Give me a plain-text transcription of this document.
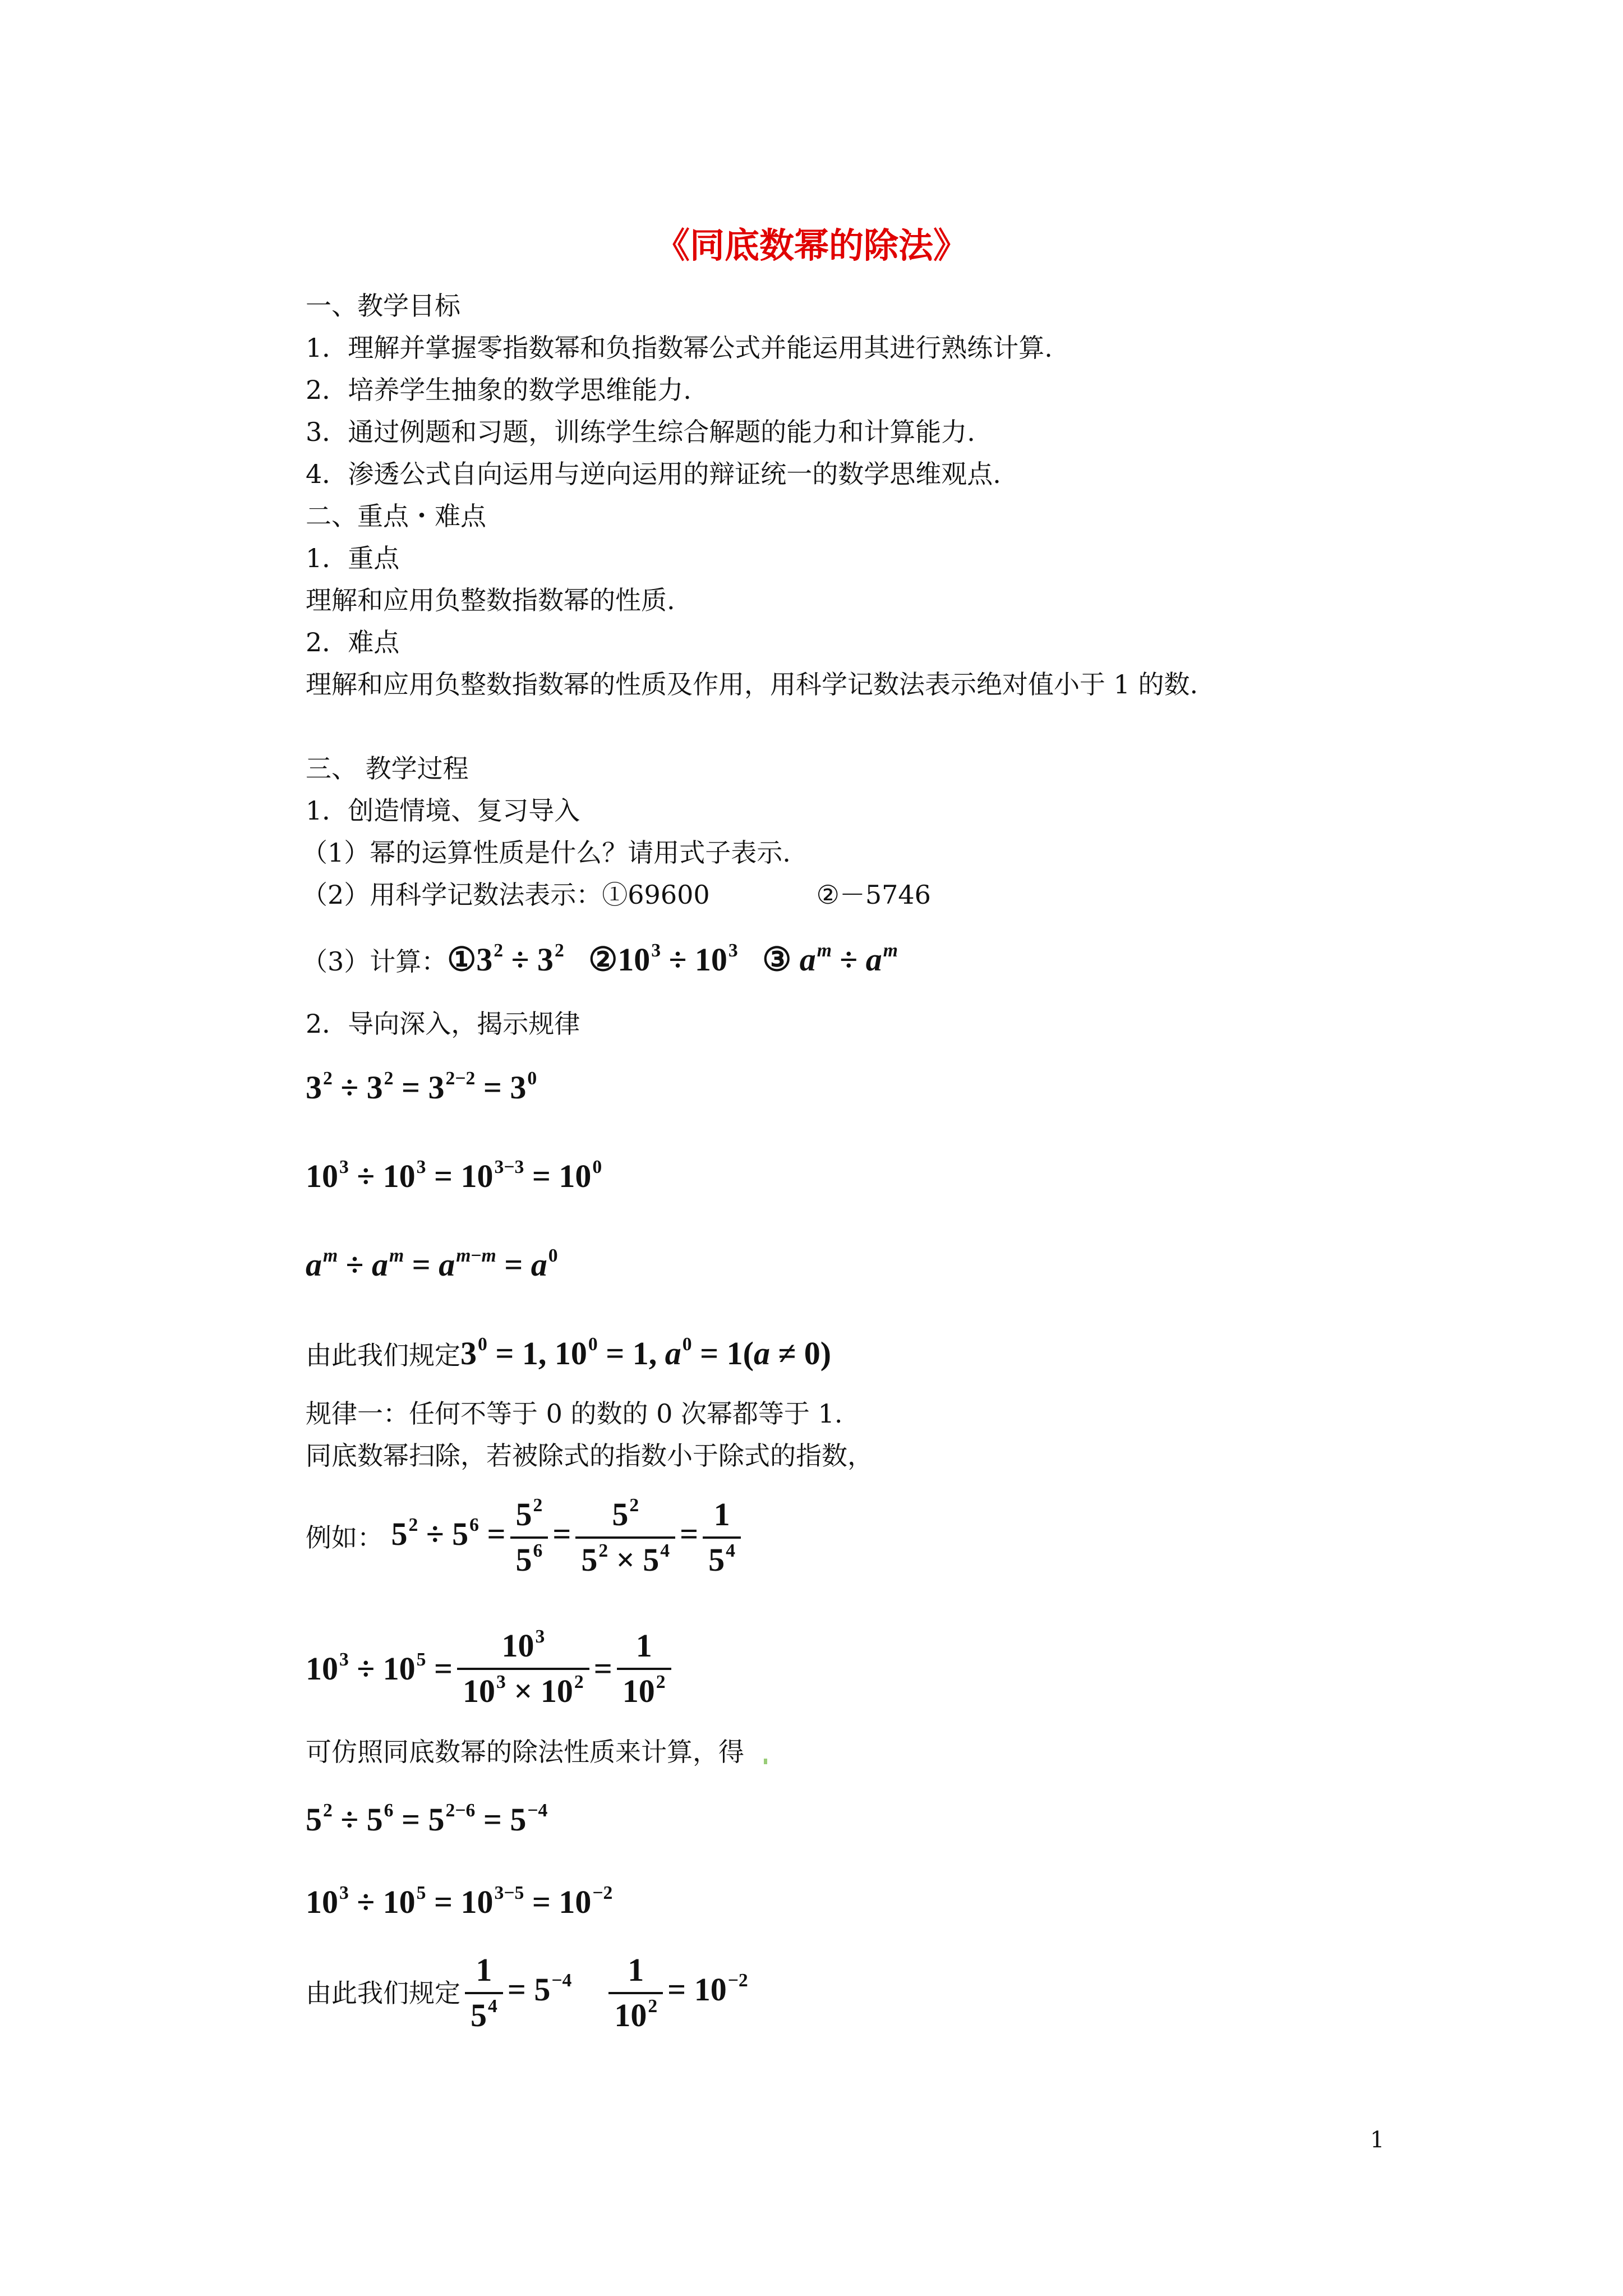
《同底数幂的除法》
一、教学目标
1．理解并掌握零指数幂和负指数幂公式并能运用其进行熟练计算.
2．培养学生抽象的数学思维能力.
3．通过例题和习题，训练学生综合解题的能力和计算能力.
4．渗透公式自向运用与逆向运用的辩证统一的数学思维观点.
二、重点・难点
1．重点
理解和应用负整数指数幂的性质.
2．难点
理解和应用负整数指数幂的性质及作用，用科学记数法表示绝对值小于 1 的数.
三、 教学过程
1．创造情境、复习导入
（1）幂的运算性质是什么？请用式子表示.
（2）用科学记数法表示：①69600	②－5746
（3）计算：$①3^2 \div 3^2$   $②10^3 \div 10^3$   ③ $a^m \div a^m$
2．导向深入，揭示规律
$3^2 \div 3^2 = 3^{2-2} = 3^0$
$10^3 \div 10^3 = 10^{3-3} = 10^0$
$a^m \div a^m = a^{m-m} = a^0$
由此我们规定$3^0 = 1$, $10^0 = 1$, $a^0 = 1(a \ne 0)$
规律一：任何不等于 0 的数的 0 次幂都等于 1.
同底数幂扫除，若被除式的指数小于除式的指数，
例如： $5^2 \div 5^6 = \frac{5^2}{5^6} = \frac{5^2}{5^2 \times 5^4} = \frac{1}{5^4}$
$10^3 \div 10^5 = \frac{10^3}{10^3 \times 10^2} = \frac{1}{10^2}$
可仿照同底数幂的除法性质来计算，得
$5^2 \div 5^6 = 5^{2-6} = 5^{-4}$
$10^3 \div 10^5 = 10^{3-5} = 10^{-2}$
由此我们规定 $\frac{1}{5^4} = 5^{-4} \frac{1}{10^2} = 10^{-2}$
1
